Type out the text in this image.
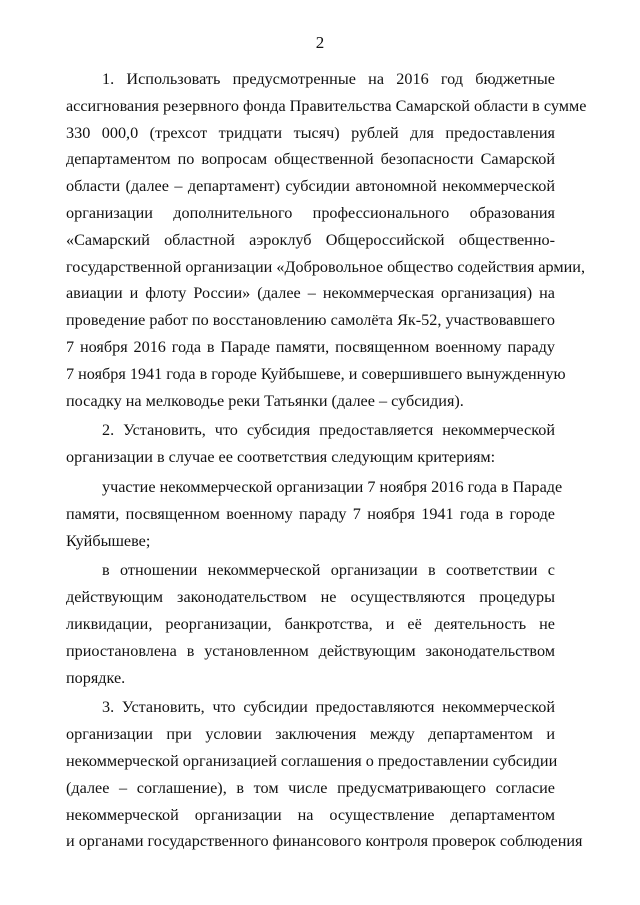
2
1. Использовать предусмотренные на 2016 год бюджетные
ассигнования резервного фонда Правительства Самарской области в сумме
330 000,0 (трехсот тридцати тысяч) рублей для предоставления
департаментом по вопросам общественной безопасности Самарской
области (далее – департамент) субсидии автономной некоммерческой
организации дополнительного профессионального образования
«Самарский областной аэроклуб Общероссийской общественно-
государственной организации «Добровольное общество содействия армии,
авиации и флоту России» (далее – некоммерческая организация) на
проведение работ по восстановлению самолёта Як-52, участвовавшего
7 ноября 2016 года в Параде памяти, посвященном военному параду
7 ноября 1941 года в городе Куйбышеве, и совершившего вынужденную
посадку на мелководье реки Татьянки (далее – субсидия).
2. Установить, что субсидия предоставляется некоммерческой
организации в случае ее соответствия следующим критериям:
участие некоммерческой организации 7 ноября 2016 года в Параде
памяти, посвященном военному параду 7 ноября 1941 года в городе
Куйбышеве;
в отношении некоммерческой организации в соответствии с
действующим законодательством не осуществляются процедуры
ликвидации, реорганизации, банкротства, и её деятельность не
приостановлена в установленном действующим законодательством
порядке.
3. Установить, что субсидии предоставляются некоммерческой
организации при условии заключения между департаментом и
некоммерческой организацией соглашения о предоставлении субсидии
(далее – соглашение), в том числе предусматривающего согласие
некоммерческой организации на осуществление департаментом
и органами государственного финансового контроля проверок соблюдения
